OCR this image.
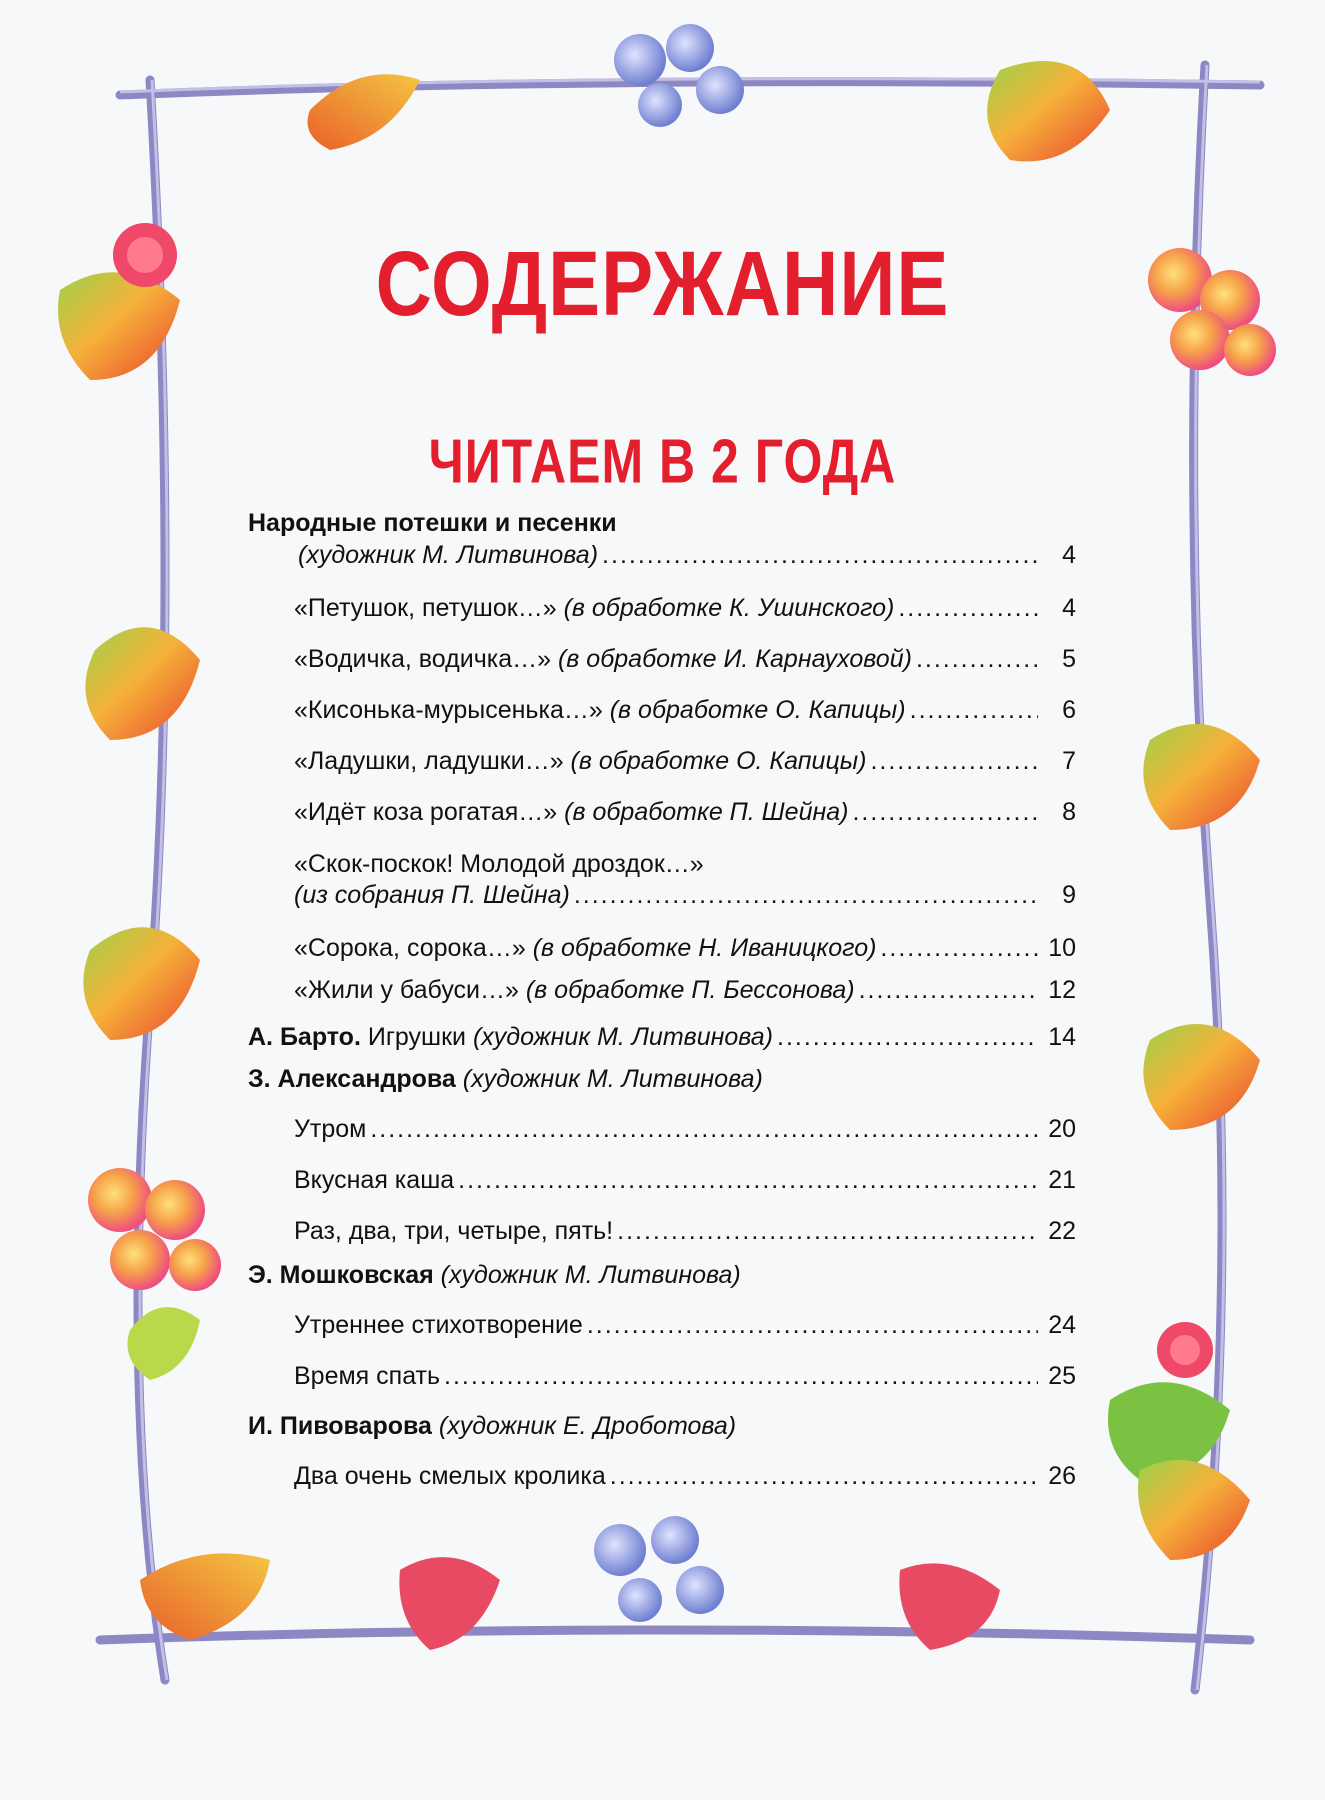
СОДЕРЖАНИЕ
ЧИТАЕМ В 2 ГОДА
Народные потешки и песенки
(художник М. Литвинова) .....	4
«Петушок, петушок…»
(в обработке К. Ушинского) .....	4
«Водичка, водичка…»
(в обработке И. Карнауховой) .....	5
«Кисонька-мурысенька…»
(в обработке О. Капицы) .....	6
«Ладушки, ладушки…»
(в обработке О. Капицы) .....	7
«Идёт коза рогатая…»
(в обработке П. Шейна) .....	8
«Скок-поскок! Молодой дроздок…»
(из собрания П. Шейна) .....	9
«Сорока, сорока…»
(в обработке Н. Иваницкого) .....	10
«Жили у бабуси…»
(в обработке П. Бессонова) .....	12
А. Барто.
Игрушки
(художник М. Литвинова) .....	14
З. Александрова
(художник М. Литвинова)
Утром .....	20
Вкусная каша .....	21
Раз, два, три, четыре, пять! .....	22
Э. Мошковская
(художник М. Литвинова)
Утреннее стихотворение .....	24
Время спать .....	25
И. Пивоварова
(художник Е. Дроботова)
Два очень смелых кролика .....	26
